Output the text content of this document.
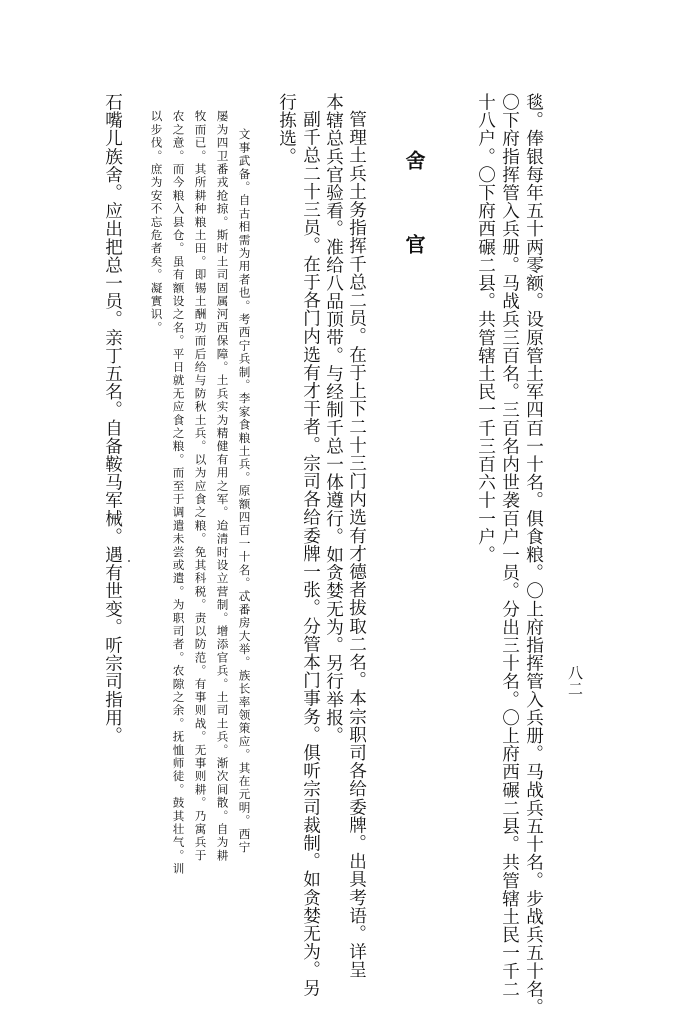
八二
毯。俸银每年五十两零额。设原管土军四百一十名。俱食粮。〇上府指挥管入兵册。马战兵五十名。步战兵五十名。
〇下府指挥管入兵册。马战兵三百名。三百名内世袭百户一员。分出三十名。〇上府西碾二县。共管辖土民一千二
十八户。〇下府西碾二县。共管辖土民一千三百六十一户。
舍　官
管理土兵土务指挥千总二员。在于上下二十三门内选有才德者拔取二名。本宗职司各给委牌。出具考语。详呈
本辖总兵官验看。准给八品顶带。与经制千总一体遵行。如贪婪无为。另行举报。
副千总二十三员。在于各门内选有才干者。宗司各给委牌一张。分管本门事务。俱听宗司裁制。如贪婪无为。另
行拣选。
文事武备。自古相需为用者也。考西宁兵制。李家食粮土兵。原额四百一十名。忒番房大举。族长率领策应。其在元明。西宁
屡为四卫番戎抢掠。斯时土司固属河西保障。土兵实为精健有用之军。迨清时设立营制。增添官兵。土司土兵。渐次间散。自为耕
牧而已。其所耕种粮土田。即锡土酬功而后给与防秋土兵。以为应食之粮。免其科税。责以防范。有事则战。无事则耕。乃寓兵于
农之意。而今粮入县仓。虽有额设之名。平日就无应食之粮。而至于调遣未尝或遣。为职司者。农隙之余。抚恤师徒。鼓其壮气。训
以步伐。庶为安不忘危者矣。凝實识。
石嘴儿族舍。应出把总一员。亲丁五名。自备鞍马军械。遇有世变。听宗司指用。
